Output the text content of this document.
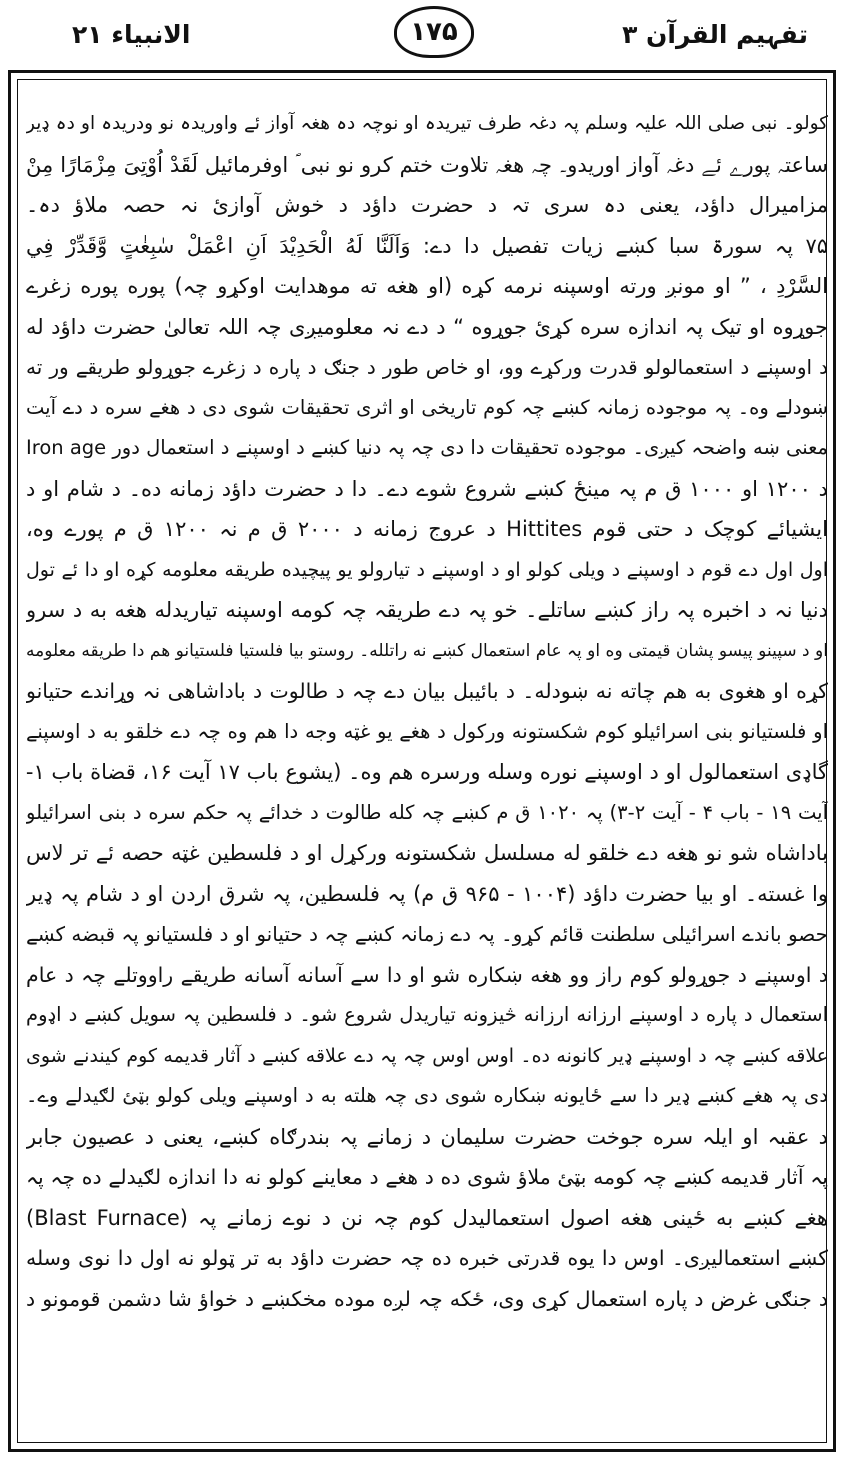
الانبیاء ۲۱	۱۷۵	تفہیم القرآن ۳
کولو۔ نبی صلی اللہ علیہ وسلم پہ دغہ طرف تیریدہ او نوچہ دہ ھغہ آواز ئے واوریدہ نو ودریدہ او دہ ډیر
ساعتہ پورے ئے دغہ آواز اوریدو۔ چہ ھغہ تلاوت ختم کرو نو نبی ؐ اوفرمائیل لَقَدْ اُوْتِیَ مِزْمَارًا مِنْ
مزامیرال داؤد، یعنی دہ سری تہ د حضرت داؤد د خوش آوازئ نہ حصہ ملاؤ دہ۔
۷۵ پہ سورۃ سبا کښے زیات تفصیل دا دے: وَاَلَنَّا لَهُ الْحَدِيْدَ اَنِ اعْمَلْ سٰبِغٰتٍ وَّقَدِّرْ فِي
السَّرْدِ ، ” او مونږ ورته اوسپنه نرمه کړه (او هغه ته موهدایت اوکړو چہ) پوره پوره زغرے
جوړوه او تیک پہ اندازه سره کړئ جوړوه “ د دے نہ معلومیږی چہ اللہ تعالیٰ حضرت داؤد له
د اوسپنے د استعمالولو قدرت ورکړے وو، او خاص طور د جنګ د پاره د زغرے جوړولو طریقے ور ته
ښودلے وه۔ پہ موجوده زمانہ کښے چہ کوم تاریخی او اثری تحقیقات شوی دی د هغے سره د دے آیت
معنی ښه واضحہ کیږی۔ موجوده تحقیقات دا دی چہ پہ دنیا کښے د اوسپنے د استعمال دور Iron age
د ۱۲۰۰ او ۱۰۰۰ ق م پہ مینځ کښے شروع شوے دے۔ دا د حضرت داؤد زمانه ده۔ د شام او د
ایشیائے کوچک د حتی قوم Hittites د عروج زمانه د ۲۰۰۰ ق م نہ ۱۲۰۰ ق م پورے وه،
اول اول دے قوم د اوسپنے د ویلی کولو او د اوسپنے د تیارولو یو پیچیده طریقه معلومه کړه او دا ئے تول
دنیا نہ د اخبره پہ راز کښے ساتلے۔ خو پہ دے طریقہ چہ کومه اوسپنه تیاریدله هغه به د سرو
او د سپینو پیسو پشان قیمتی وه او پہ عام استعمال کښے نه راتلله۔ روستو بیا فلستیا فلستیانو هم دا طریقه معلومه
کړه او هغوی به هم چاته نه ښودله۔ د بائیبل بیان دے چہ د طالوت د باداشاهی نہ وړاندے حتیانو
او فلستیانو بنی اسرائیلو کوم شکستونه ورکول د هغے یو غټه وجه دا هم وه چہ دے خلقو به د اوسپنے
گاډی استعمالول او د اوسپنے نوره وسله ورسره هم وه۔ (یشوع باب ۱۷ آیت ۱۶، قضاة باب ۱-
آیت ۱۹ - باب ۴ - آیت ۲-۳) پہ ۱۰۲۰ ق م کښے چہ کله طالوت د خدائے پہ حکم سره د بنی اسرائیلو
باداشاه شو نو هغه دے خلقو له مسلسل شکستونه ورکړل او د فلسطین غټه حصه ئے تر لاس
وا غسته۔ او بیا حضرت داؤد (۱۰۰۴ - ۹۶۵ ق م) پہ فلسطین، پہ شرق اردن او د شام پہ ډیر
حصو باندے اسرائیلی سلطنت قائم کړو۔ پہ دے زمانہ کښے چہ د حتیانو او د فلستیانو پہ قبضه کښے
د اوسپنے د جوړولو کوم راز وو هغه ښکاره شو او دا سے آسانه آسانه طریقے راووتلے چہ د عام
استعمال د پاره د اوسپنے ارزانه ارزانه څیزونه تیاریدل شروع شو۔ د فلسطین پہ سویل کښے د اډوم
علاقه کښے چہ د اوسپنے ډیر کانونه ده۔ اوس اوس چہ پہ دے علاقه کښے د آثار قدیمه کوم کیندنے شوی
دی پہ هغے کښے ډیر دا سے ځایونه ښکاره شوی دی چہ هلته به د اوسپنے ویلی کولو بټئ لګیدلے وے۔
د عقبہ او ایلہ سره جوخت حضرت سلیمان د زمانے پہ بندرګاه کښے، یعنی د عصیون جابر
پہ آثار قدیمه کښے چہ کومه بټئ ملاؤ شوی ده د هغے د معاینے کولو نه دا اندازه لګیدلے ده چہ پہ
هغے کښے به ځینی هغه اصول استعمالیدل کوم چہ نن د نوے زمانے پہ (Blast Furnace)
کښے استعمالیږی۔ اوس دا یوه قدرتی خبره ده چہ حضرت داؤد به تر ټولو نه اول دا نوی وسله
د جنګی غرض د پاره استعمال کړی وی، ځکه چہ لږه موده مخکښے د خواؤ شا دشمن قومونو د
